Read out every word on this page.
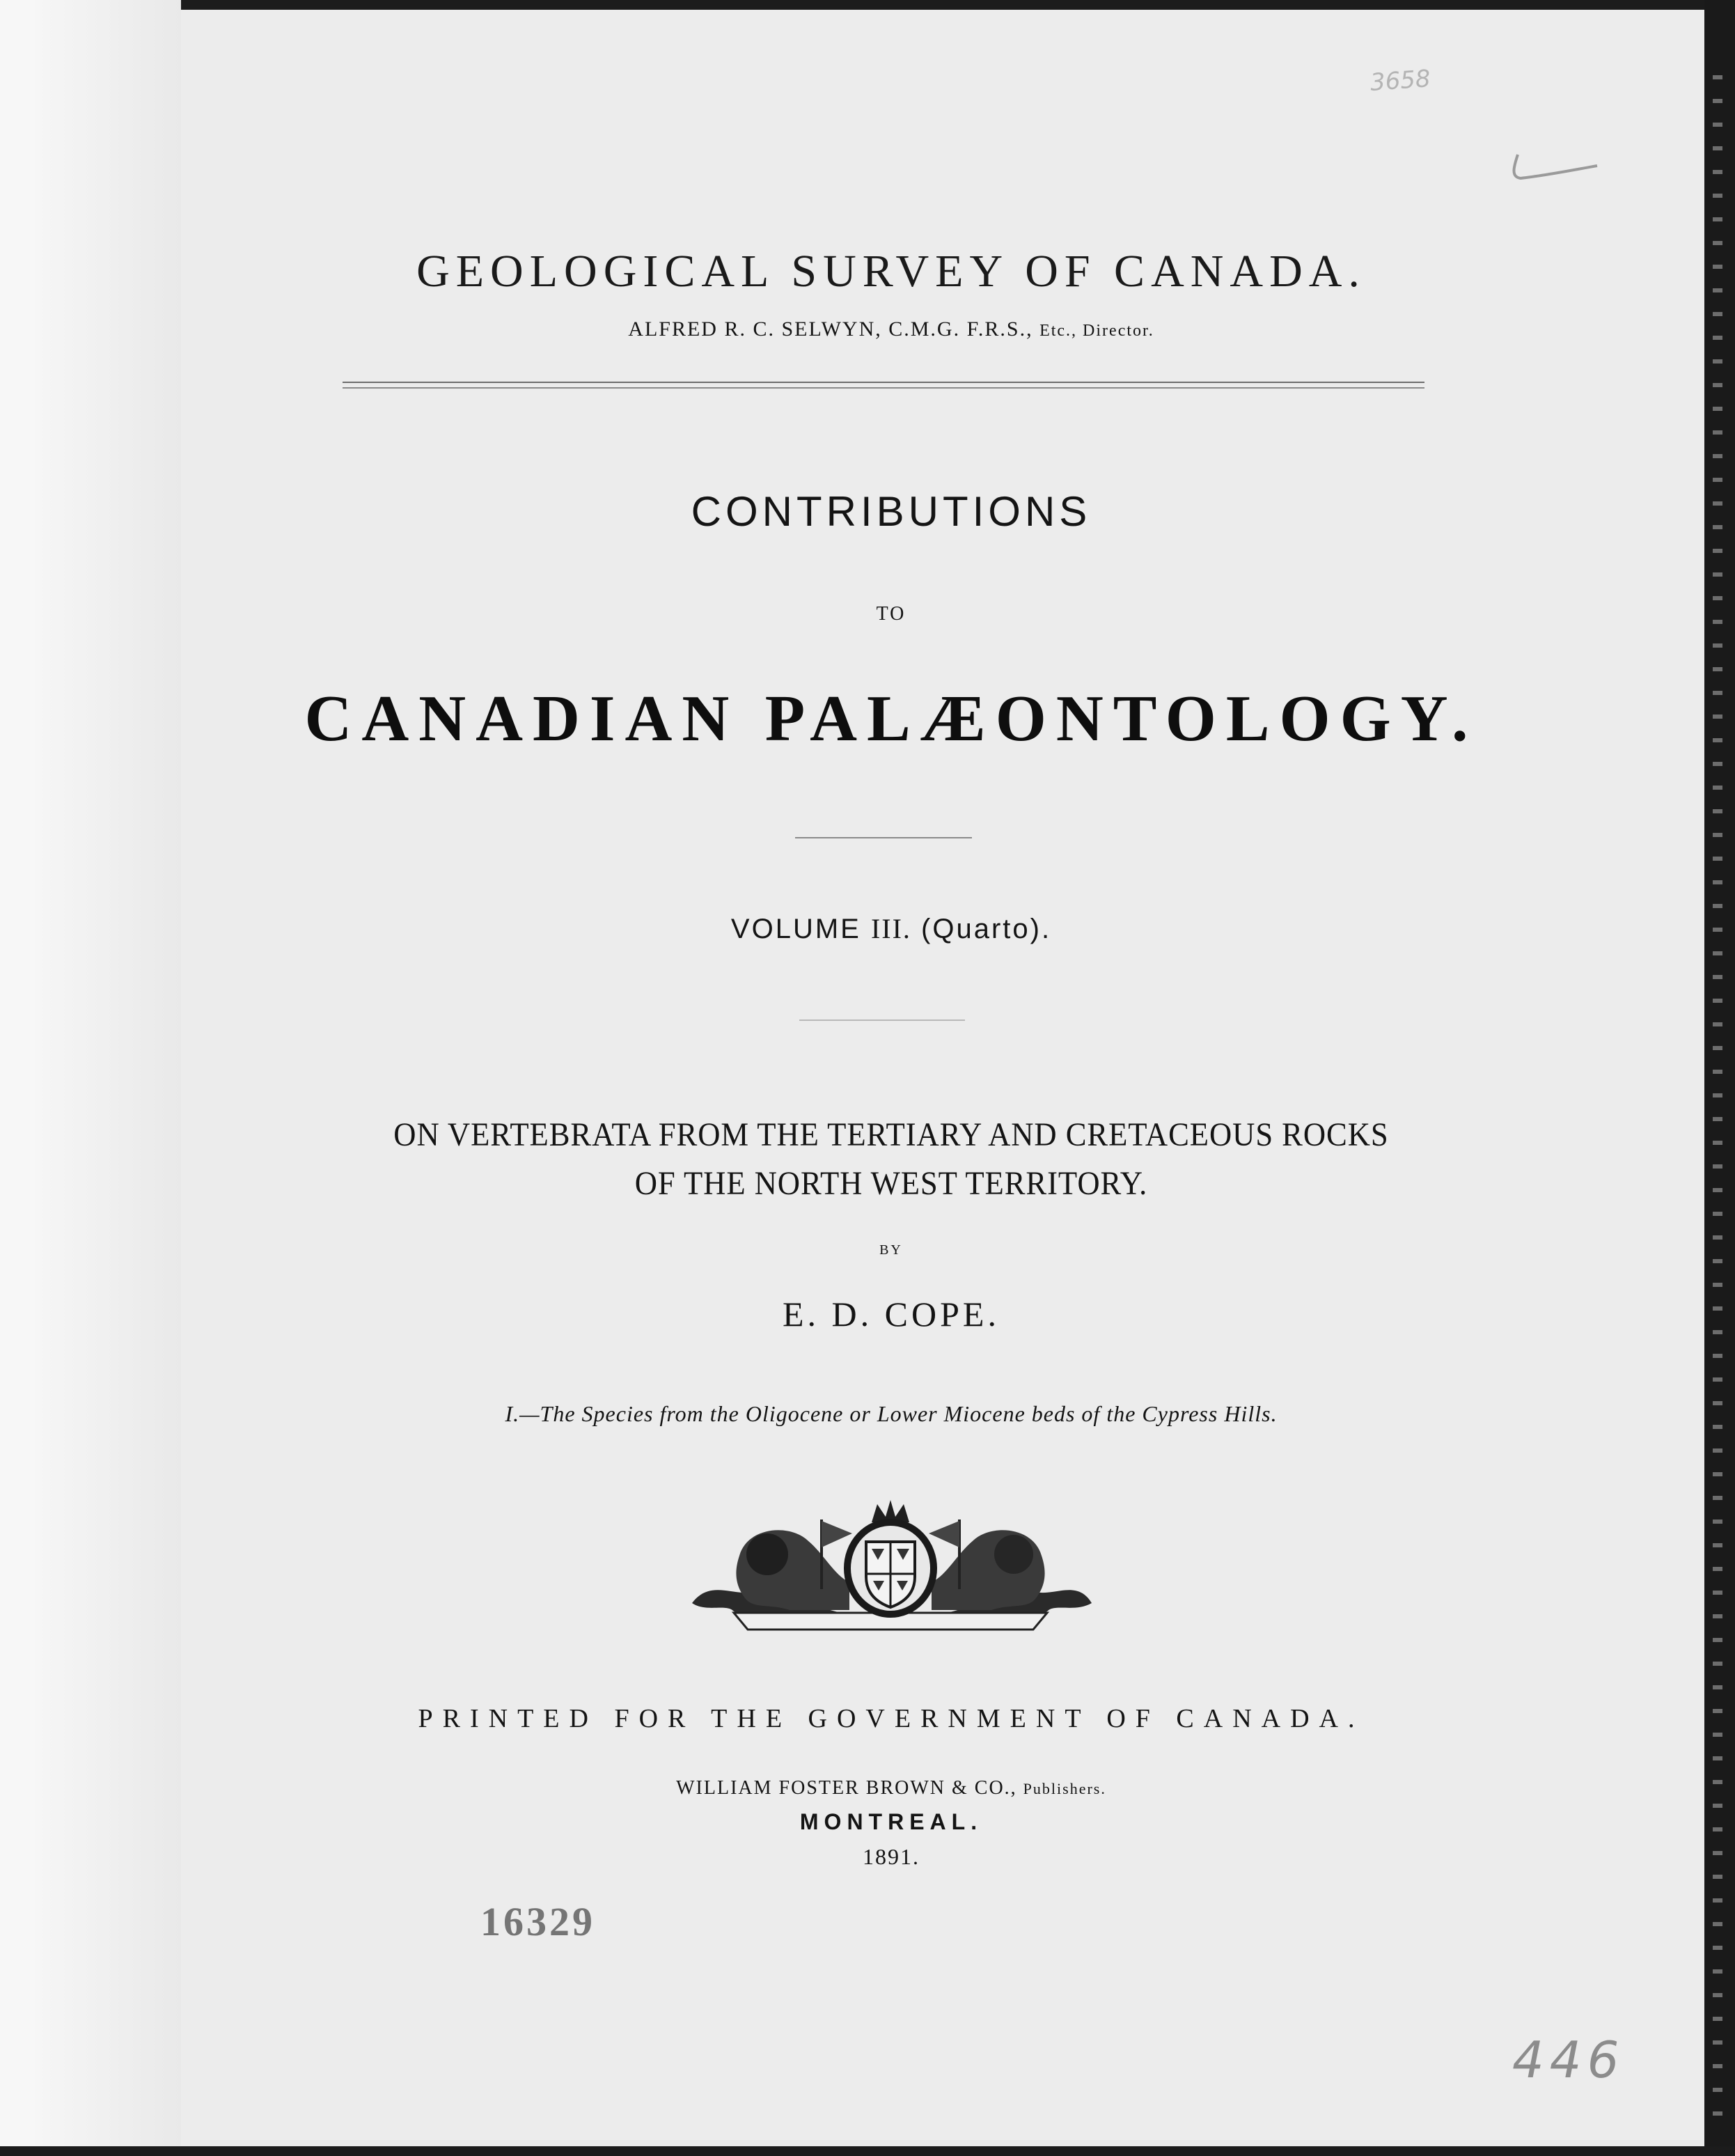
3658
GEOLOGICAL SURVEY OF CANADA.
ALFRED R. C. SELWYN, C.M.G. F.R.S., Etc., Director.
CONTRIBUTIONS
TO
CANADIAN PALÆONTOLOGY.
VOLUME III. (Quarto).
ON VERTEBRATA FROM THE TERTIARY AND CRETACEOUS ROCKS
OF THE NORTH WEST TERRITORY.
BY
E. D. COPE.
I.—The Species from the Oligocene or Lower Miocene beds of the Cypress Hills.
PRINTED FOR THE GOVERNMENT OF CANADA.
WILLIAM FOSTER BROWN & CO., Publishers.
MONTREAL.
1891.
16329
446
